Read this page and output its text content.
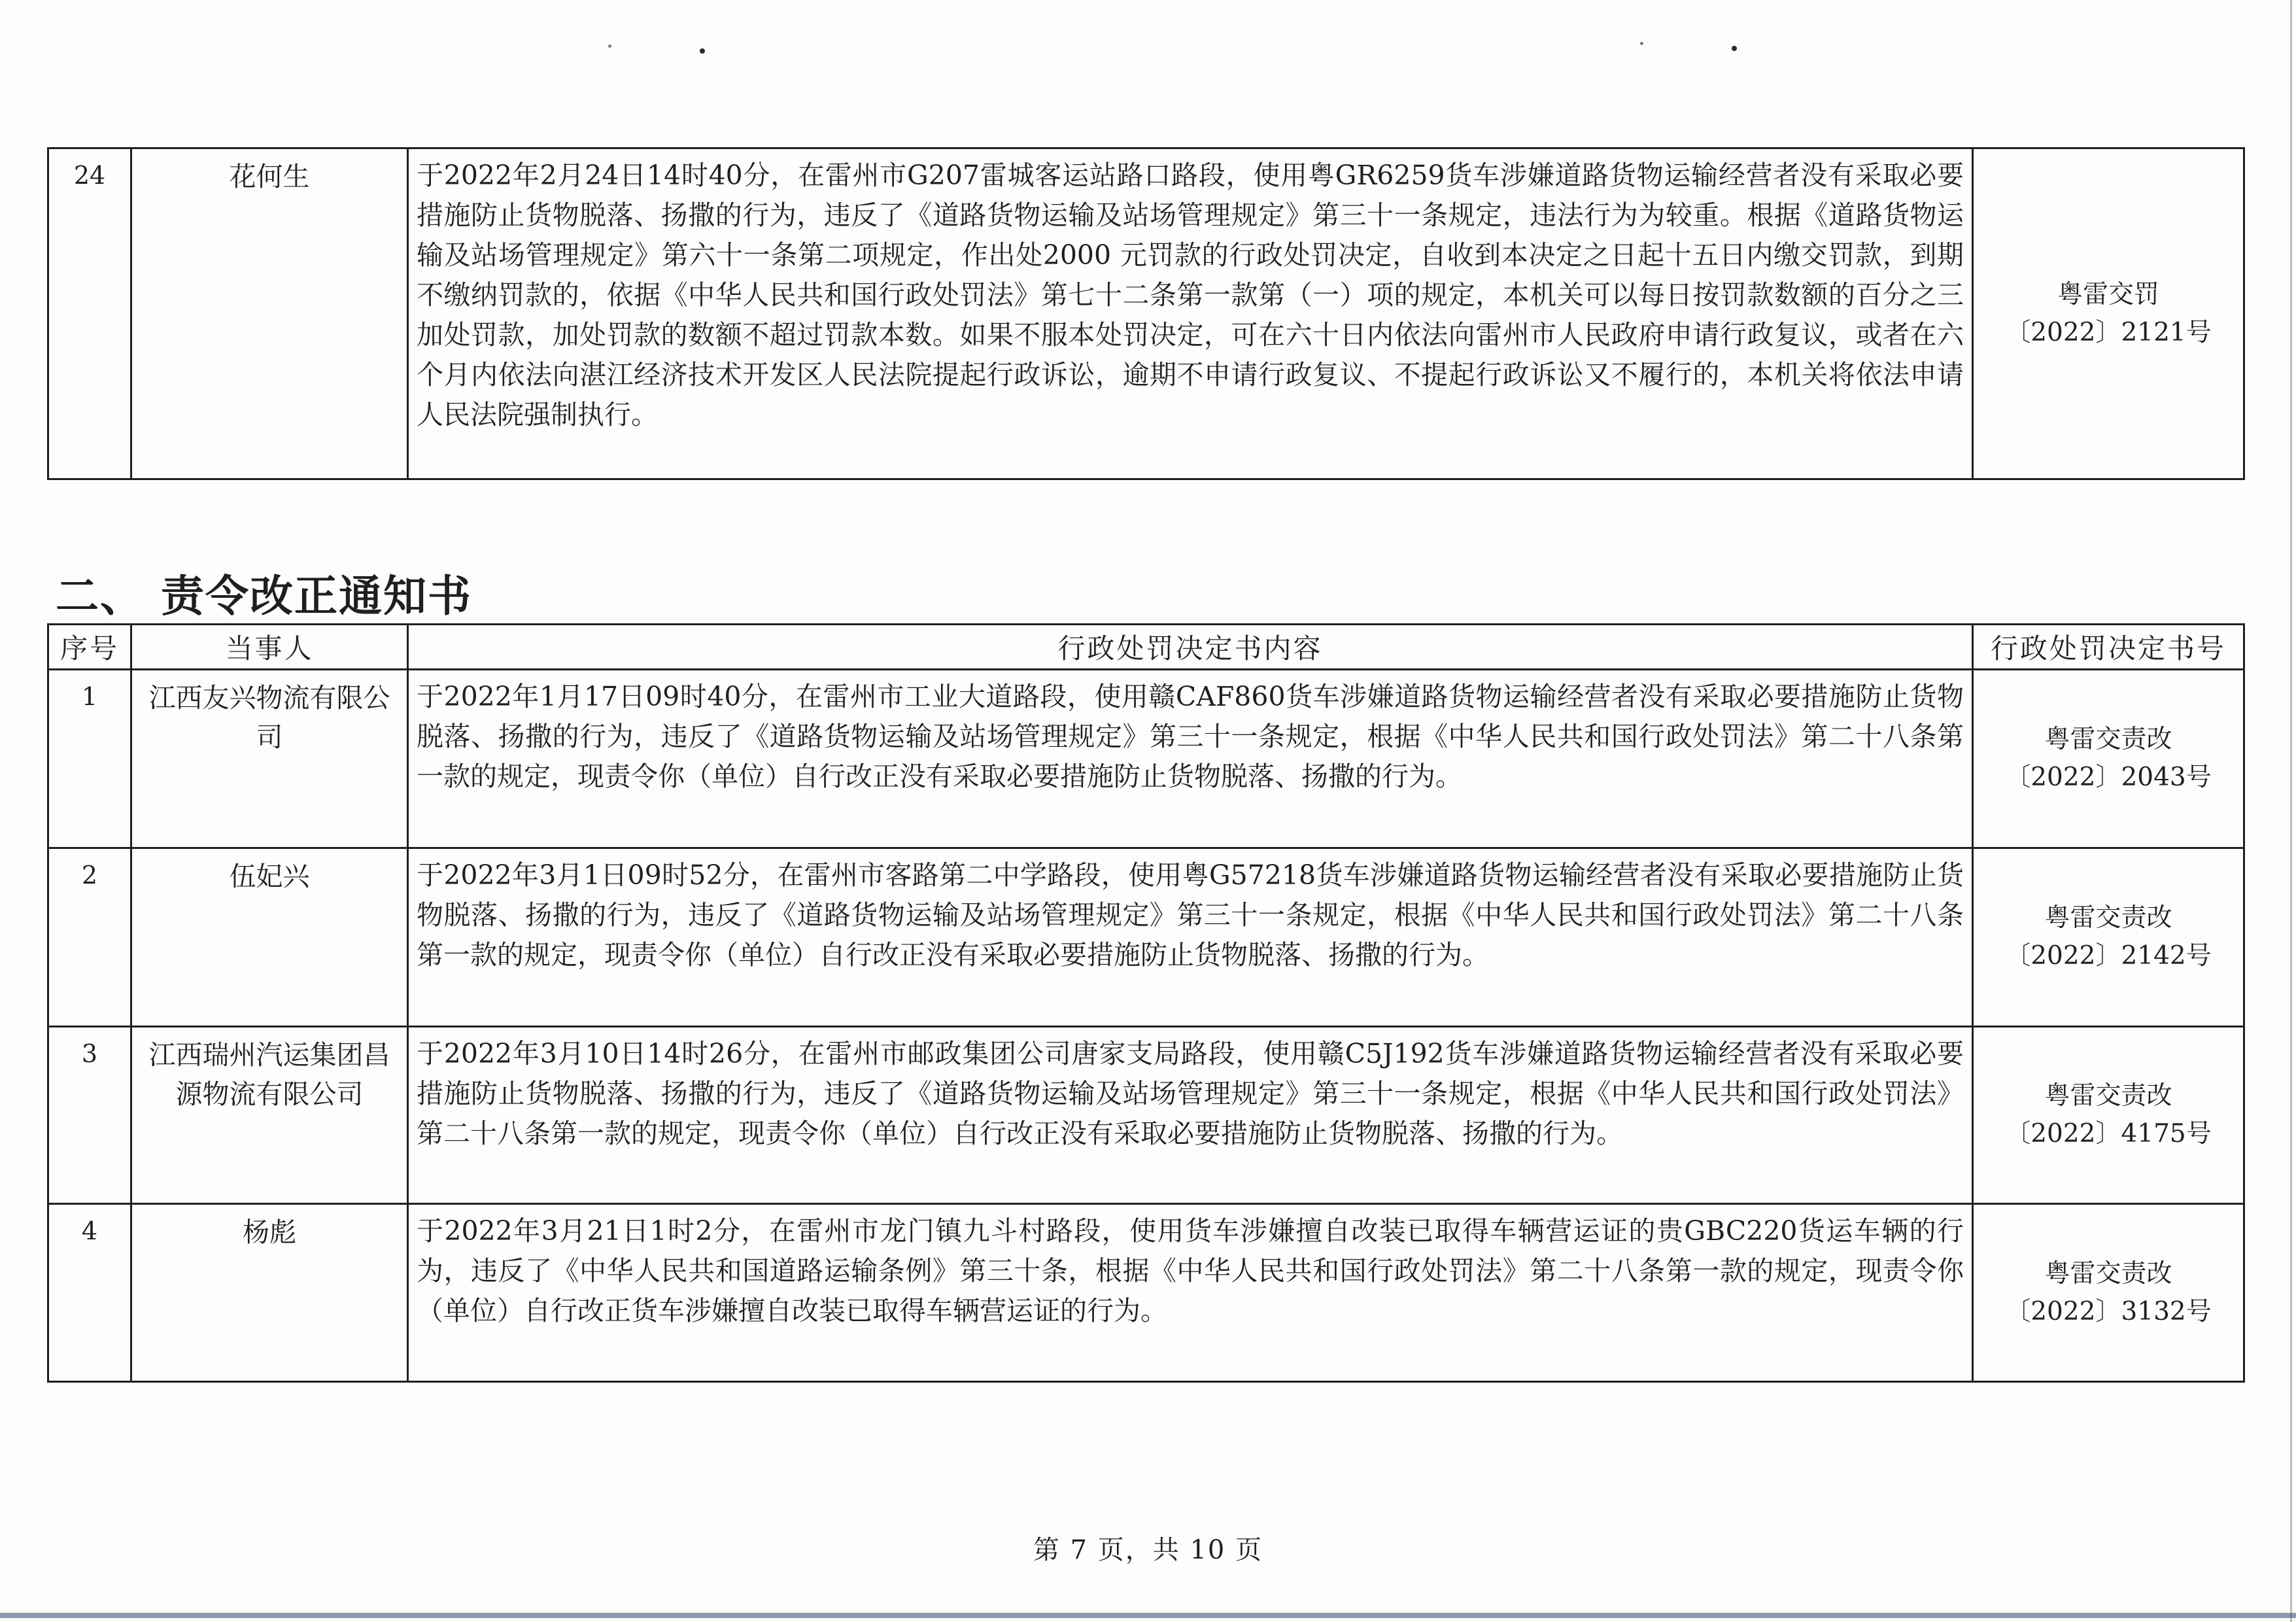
24	花何生	于2022年2月24日14时40分，在雷州市G207雷城客运站路口路段，使用粤GR6259货车涉嫌道路货物运输经营者没有采取必要措施防止货物脱落、扬撒的行为，违反了《道路货物运输及站场管理规定》第三十一条规定，违法行为为较重。根据《道路货物运输及站场管理规定》第六十一条第二项规定，作出处2000 元罚款的行政处罚决定，自收到本决定之日起十五日内缴交罚款，到期不缴纳罚款的，依据《中华人民共和国行政处罚法》第七十二条第一款第（一）项的规定，本机关可以每日按罚款数额的百分之三加处罚款，加处罚款的数额不超过罚款本数。如果不服本处罚决定，可在六十日内依法向雷州市人民政府申请行政复议，或者在六个月内依法向湛江经济技术开发区人民法院提起行政诉讼，逾期不申请行政复议、不提起行政诉讼又不履行的，本机关将依法申请人民法院强制执行。	
粤雷交罚
〔2022〕2121号
二、 责令改正通知书
序号	当事人	行政处罚决定书内容	行政处罚决定书号
1	江西友兴物流有限公司	于2022年1月17日09时40分，在雷州市工业大道路段，使用赣CAF860货车涉嫌道路货物运输经营者没有采取必要措施防止货物脱落、扬撒的行为，违反了《道路货物运输及站场管理规定》第三十一条规定，根据《中华人民共和国行政处罚法》第二十八条第一款的规定，现责令你（单位）自行改正没有采取必要措施防止货物脱落、扬撒的行为。	粤雷交责改
〔2022〕2043号

2	伍妃兴	于2022年3月1日09时52分，在雷州市客路第二中学路段，使用粤G57218货车涉嫌道路货物运输经营者没有采取必要措施防止货物脱落、扬撒的行为，违反了《道路货物运输及站场管理规定》第三十一条规定，根据《中华人民共和国行政处罚法》第二十八条第一款的规定，现责令你（单位）自行改正没有采取必要措施防止货物脱落、扬撒的行为。	粤雷交责改
〔2022〕2142号

3	江西瑞州汽运集团昌源物流有限公司	于2022年3月10日14时26分，在雷州市邮政集团公司唐家支局路段，使用赣C5J192货车涉嫌道路货物运输经营者没有采取必要措施防止货物脱落、扬撒的行为，违反了《道路货物运输及站场管理规定》第三十一条规定，根据《中华人民共和国行政处罚法》第二十八条第一款的规定，现责令你（单位）自行改正没有采取必要措施防止货物脱落、扬撒的行为。	粤雷交责改
〔2022〕4175号

4	杨彪	于2022年3月21日1时2分，在雷州市龙门镇九斗村路段，使用货车涉嫌擅自改装已取得车辆营运证的贵GBC220货运车辆的行为，违反了《中华人民共和国道路运输条例》第三十条，根据《中华人民共和国行政处罚法》第二十八条第一款的规定，现责令你（单位）自行改正货车涉嫌擅自改装已取得车辆营运证的行为。	粤雷交责改
〔2022〕3132号
第 7 页，共 10 页
